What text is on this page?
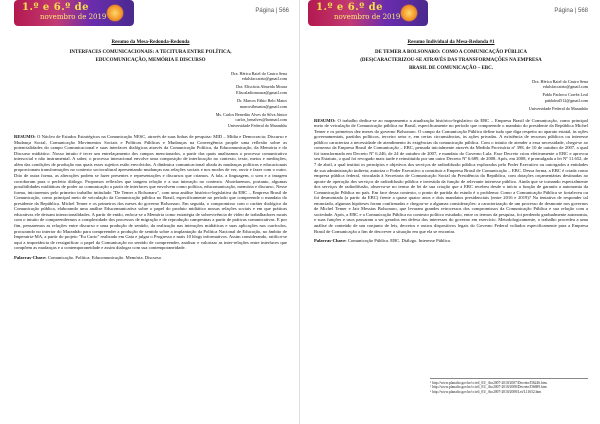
1.º e 6.º de
novembro de 2019
Página | 566
Resumo da Mesa-Redonda-Redonda
INTERFACES COMUNICACIONAIS: A TECITURA ENTRE POLÍTICA,
EDUCOMUNICAÇÃO, MEMÓRIA E DISCURSO
Dra. Hérica Raiel do Castro Sena
edulsfaccatrio@gmail.com
Dra. Eliscácia Almeida Moura
Eliscaladiomoura@gmail.com
Dr. Marcos Fábio Belo Matos
marcosfbmatos@gmail.com
Ms. Carlos Benedito Alves da Silva Júnior
carlos_benalves@hotmail.com
Universidade Federal do Maranhão

RESUMO: O Núcleo de Estudos Estratégicos na Comunicação NESC, através de suas linhas de pesquisa: MID – Mídia e Democracia; Discurso e Mudança Social, Comunicação Movimentos Sociais e Políticas Públicas e Mudanças na Convergência propõe uma reflexão sobre as potencialidades do campo Comunicacional e suas interfaces dialógicas através da Comunicação Política, da Educomunicação, da Memória e do Discurso midiático. Nosso intuito é tecer um entrelaçamento dos campos mencionados, a partir das quais analisamos o processo comunicativo intersocial e não instrumental. A saber, o processo interacional envolve uma composição de interlocução no contexto, texto, meios e mediações, além das condições de produção nas quais esses sujeitos estão envolvidos. A dinâmica comunicacional aliada às mudanças políticas e educacionais proporcionam transformações no contexto sociocultural apresentando mudanças nas relações sociais e nos modos de ver, ouvir e fazer com o outro. Dito de outra forma, as alterações podem se fazer presentes e representações e discursos que criamos. A fala, a linguagem, o som e a imagem corroboram para o perfeito diálogo. Propomos reflexões que tangem relação e a sua interação no contexto. Abordaremos, portanto, algumas possibilidades midiáticas de poder ao comunicação a partir de interfaces que envolvem como política, educomunicação, memória e discurso. Nesse forma, iniciaremos pelo primeiro trabalho intitulado "De Temer a Bolsonaro", com uma análise histórico-legislativa da EBC – Empresa Brasil de Comunicação, como principal meio de veiculação da Comunicação pública no Brasil, especificamente no período que compreende o mandato do presidente da República. Michel Temer e os primeiros dos meses do governo Bolsonaro. Em seguida, o compromisso com o caráter dialógico da Comunicação pública, elaborando uma análise Educomunicativa sobre o papel do produto midiático nossas relações sociais e em que práticas educativas ele deixam interacionalidades. A partir de então, enfoca-se a Memória como estratégia de sobrevivência de vídeo de trabalhadores rurais com o intuito de compreendermos a complexidade dos processos de migração e de reprodução campesinas a partir de práticas comunicativas. E por fim, pensaremos as relações entre discurso e uma produção de sentido, da realização nas interações midiáticas e suas aplicações nos currículos, procurando no interior do Maranhão para compreender a produção de sentido sobre a implantação da Política Nacional de Educação, no âmbito de Imperatriz-MA, a partir do projeto "Eu Curto" realizado em Gaia e julgar o Progresso e mais 10 blogs informativos. Assim considerando, ratifica-se aqui a importância de ressignificar o papel da Comunicação no sentido de compreender, analisar e valorizar as inter-relações entre interfaces que compõem as mudanças e a contemporaneidade e assim dialogar com sua contemporaneidade.

Palavras-Chave: Comunicação. Política. Educomunicação. Memória. Discurso.

1.º e 6.º de
novembro de 2019
Página | 568
Resumo Individual da Mesa-Redonda #1
DE TEMER A BOLSONARO: COMO A COMUNICAÇÃO PÚBLICA
(DES)CARACTERIZOU-SE ATRAVÉS DAS TRANSFORMAÇÕES NA EMPRESA
BRASIL DE COMUNICAÇÃO – EBC.
Dra. Hérica Raiel do Castro Sena
edulsfaccatrio@gmail.com
Pablo Pacheco Corrêa Leal
pabloleal512@gmail.com
Universidade Federal do Maranhão

RESUMO: O trabalho dedica-se ao mapeamento a atualização histórico-legislativo da EBC – Empresa Brasil de Comunicação, como principal meio de veiculação de Comunicação pública no Brasil, especificamente no período que compreende o mandato do presidente da República Michel Temer e os primeiros dez meses do governo Bolsonaro. O campo da Comunicação Pública define tudo que diga respeito ao aparato estatal, às ações governamentais, partidos políticos, terceiro setor e, em certas circunstâncias, às ações privadas. A existência de recursos públicos ou interesse público caracteriza a necessidade de atendimento às exigências da comunicação pública. Com o intuito de atender a essa necessidade, chega-se ao consenso da Empresa Brasil de Comunicação – EBC, pensada inicialmente através da Medida Provisória nº 398, de 10 de outubro de 2007, a qual foi transformada em Decreto Nº 6.246, de 24 de outubro de 2007, e mandato do Governo Lula. Esse Decreto criou efetivamente a EBC e aprovou seu Estatuto, o qual foi revogado mais tarde e reinstituído por um outro Decreto Nº 6.689, de 2008. Após, em 2008, é promulgada a lei Nº 11.652, de 7 de abril, a qual institui os princípios e objetivos dos serviços de radiodifusão pública explorados pelo Poder Executivo ou outorgados a entidades de sua administração indireta; autoriza o Poder Executivo a constituir a Empresa Brasil de Comunicação – EBC. Dessa forma, a EBC é criada como empresa pública federal, vinculada à Secretaria de Comunicação Social da Presidência da República, com dotações orçamentárias destinadas ao aporte de operação dos serviços de radiodifusão pública e investida da função de relevante interesse público. Ainda que se tornando especialmente dos serviços de radiodifusão, observa-se no termo de lei de sua criação que a EBC recebeu desde o início a função de garantir a autonomia da Comunicação Pública no país. Em face dessa contexto, o ponto de partida do estudo é o problema: Como a Comunicação Pública se fortaleceu ou foi desmontada (a partir da EBC) frente a quase quatro anos e dois mandatos presidenciais (entre 2016 e 2019)? Na tentativa de responder tal enunciado, algumas hipóteses foram confirmadas e chegou-se a algumas considerações: a caracterização de um processo de desmonte nos governos de Michel Temer e Jair Messias Bolsonaro, que levaram grandes retrocessos dos compromissos da Comunicação Pública e sua relação com a sociedade. Após, a EBC e a Comunicação Pública no contexto político estudado, entre os termos da pesquisa, foi perdendo gradualmente autonomia, e suas funções e usos passaram a ser gerados em defesa dos interesses do governo em exercício. Metodologicamente, o trabalho procedeu a uma análise de conteúdo de um conjunto de leis, decretos e outros dispositivos legais do Governo Federal voltados especificamente para a Empresa Brasil de Comunicação a fim de descrever a situação em que ela se encontra.

Palavras-Chave: Comunicação Pública. EBC. Diálogo. Interesse Público.

¹ http://www.planalto.gov.br/ccivil_03/_Ato2007-2010/2007/Decreto/D6246.htm.
² http://www.planalto.gov.br/ccivil_03/_Ato2007-2010/2008/Decreto/D6689.htm
³ http://www.planalto.gov.br/ccivil_03/_Ato2007-2010/2008/Lei/L11652.htm
